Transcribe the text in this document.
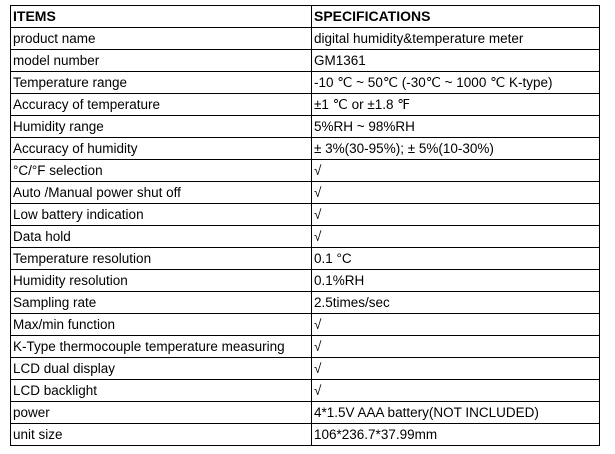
ITEMS	SPECIFICATIONS
product name	digital humidity&temperature meter
model number	GM1361
Temperature range	-10 ℃ ~ 50℃ (-30℃ ~ 1000 ℃ K-type)
Accuracy of temperature	±1 ℃ or ±1.8 ℉
Humidity range	5%RH ~ 98%RH
Accuracy of humidity	± 3%(30-95%); ± 5%(10-30%)
°C/°F selection	√
Auto /Manual power shut off	√
Low battery indication	√
Data hold	√
Temperature resolution	0.1 °C
Humidity resolution	0.1%RH
Sampling rate	2.5times/sec
Max/min function	√
K-Type thermocouple temperature measuring	√
LCD dual display	√
LCD backlight	√
power	4*1.5V AAA battery(NOT INCLUDED)
unit size	106*236.7*37.99mm
